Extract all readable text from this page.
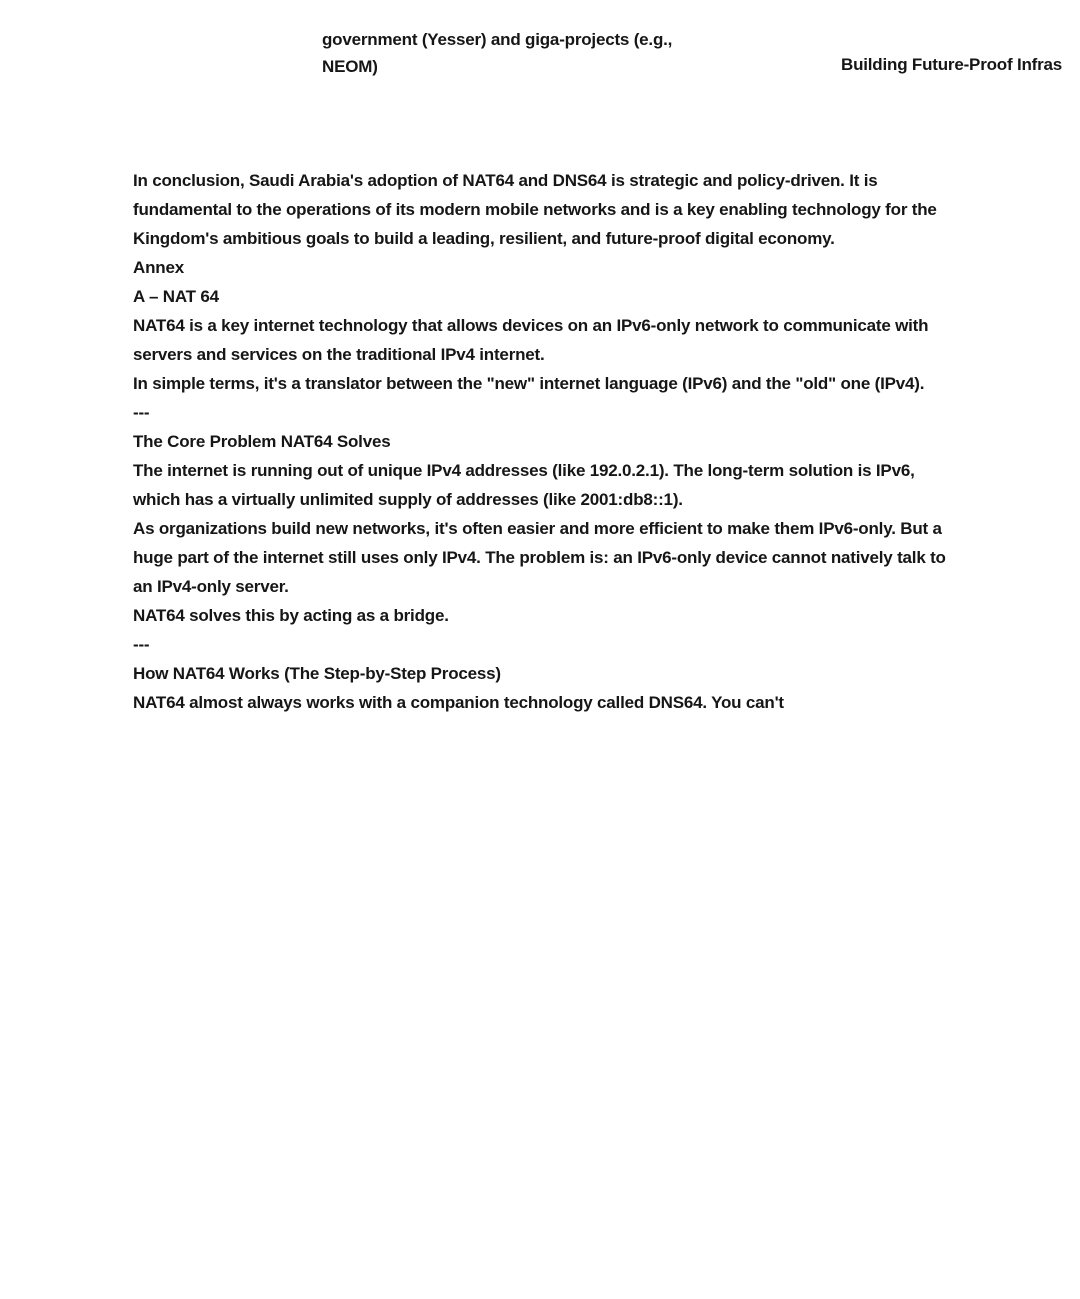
government (Yesser) and giga-projects (e.g.,
NEOM)	Building Future-Proof Infras

In conclusion, Saudi Arabia's adoption of NAT64 and DNS64 is strategic and policy-driven. It is fundamental to the operations of its modern mobile networks and is a key enabling technology for the Kingdom's ambitious goals to build a leading, resilient, and future-proof digital economy.

Annex

A – NAT 64

NAT64 is a key internet technology that allows devices on an IPv6-only network to communicate with servers and services on the traditional IPv4 internet.

In simple terms, it's a translator between the "new" internet language (IPv6) and the "old" one (IPv4).

---

The Core Problem NAT64 Solves

The internet is running out of unique IPv4 addresses (like 192.0.2.1). The long-term solution is IPv6, which has a virtually unlimited supply of addresses (like 2001:db8::1).

As organizations build new networks, it's often easier and more efficient to make them IPv6-only. But a huge part of the internet still uses only IPv4. The problem is: an IPv6-only device cannot natively talk to an IPv4-only server.

NAT64 solves this by acting as a bridge.

---

How NAT64 Works (The Step-by-Step Process)

NAT64 almost always works with a companion technology called DNS64. You can't
